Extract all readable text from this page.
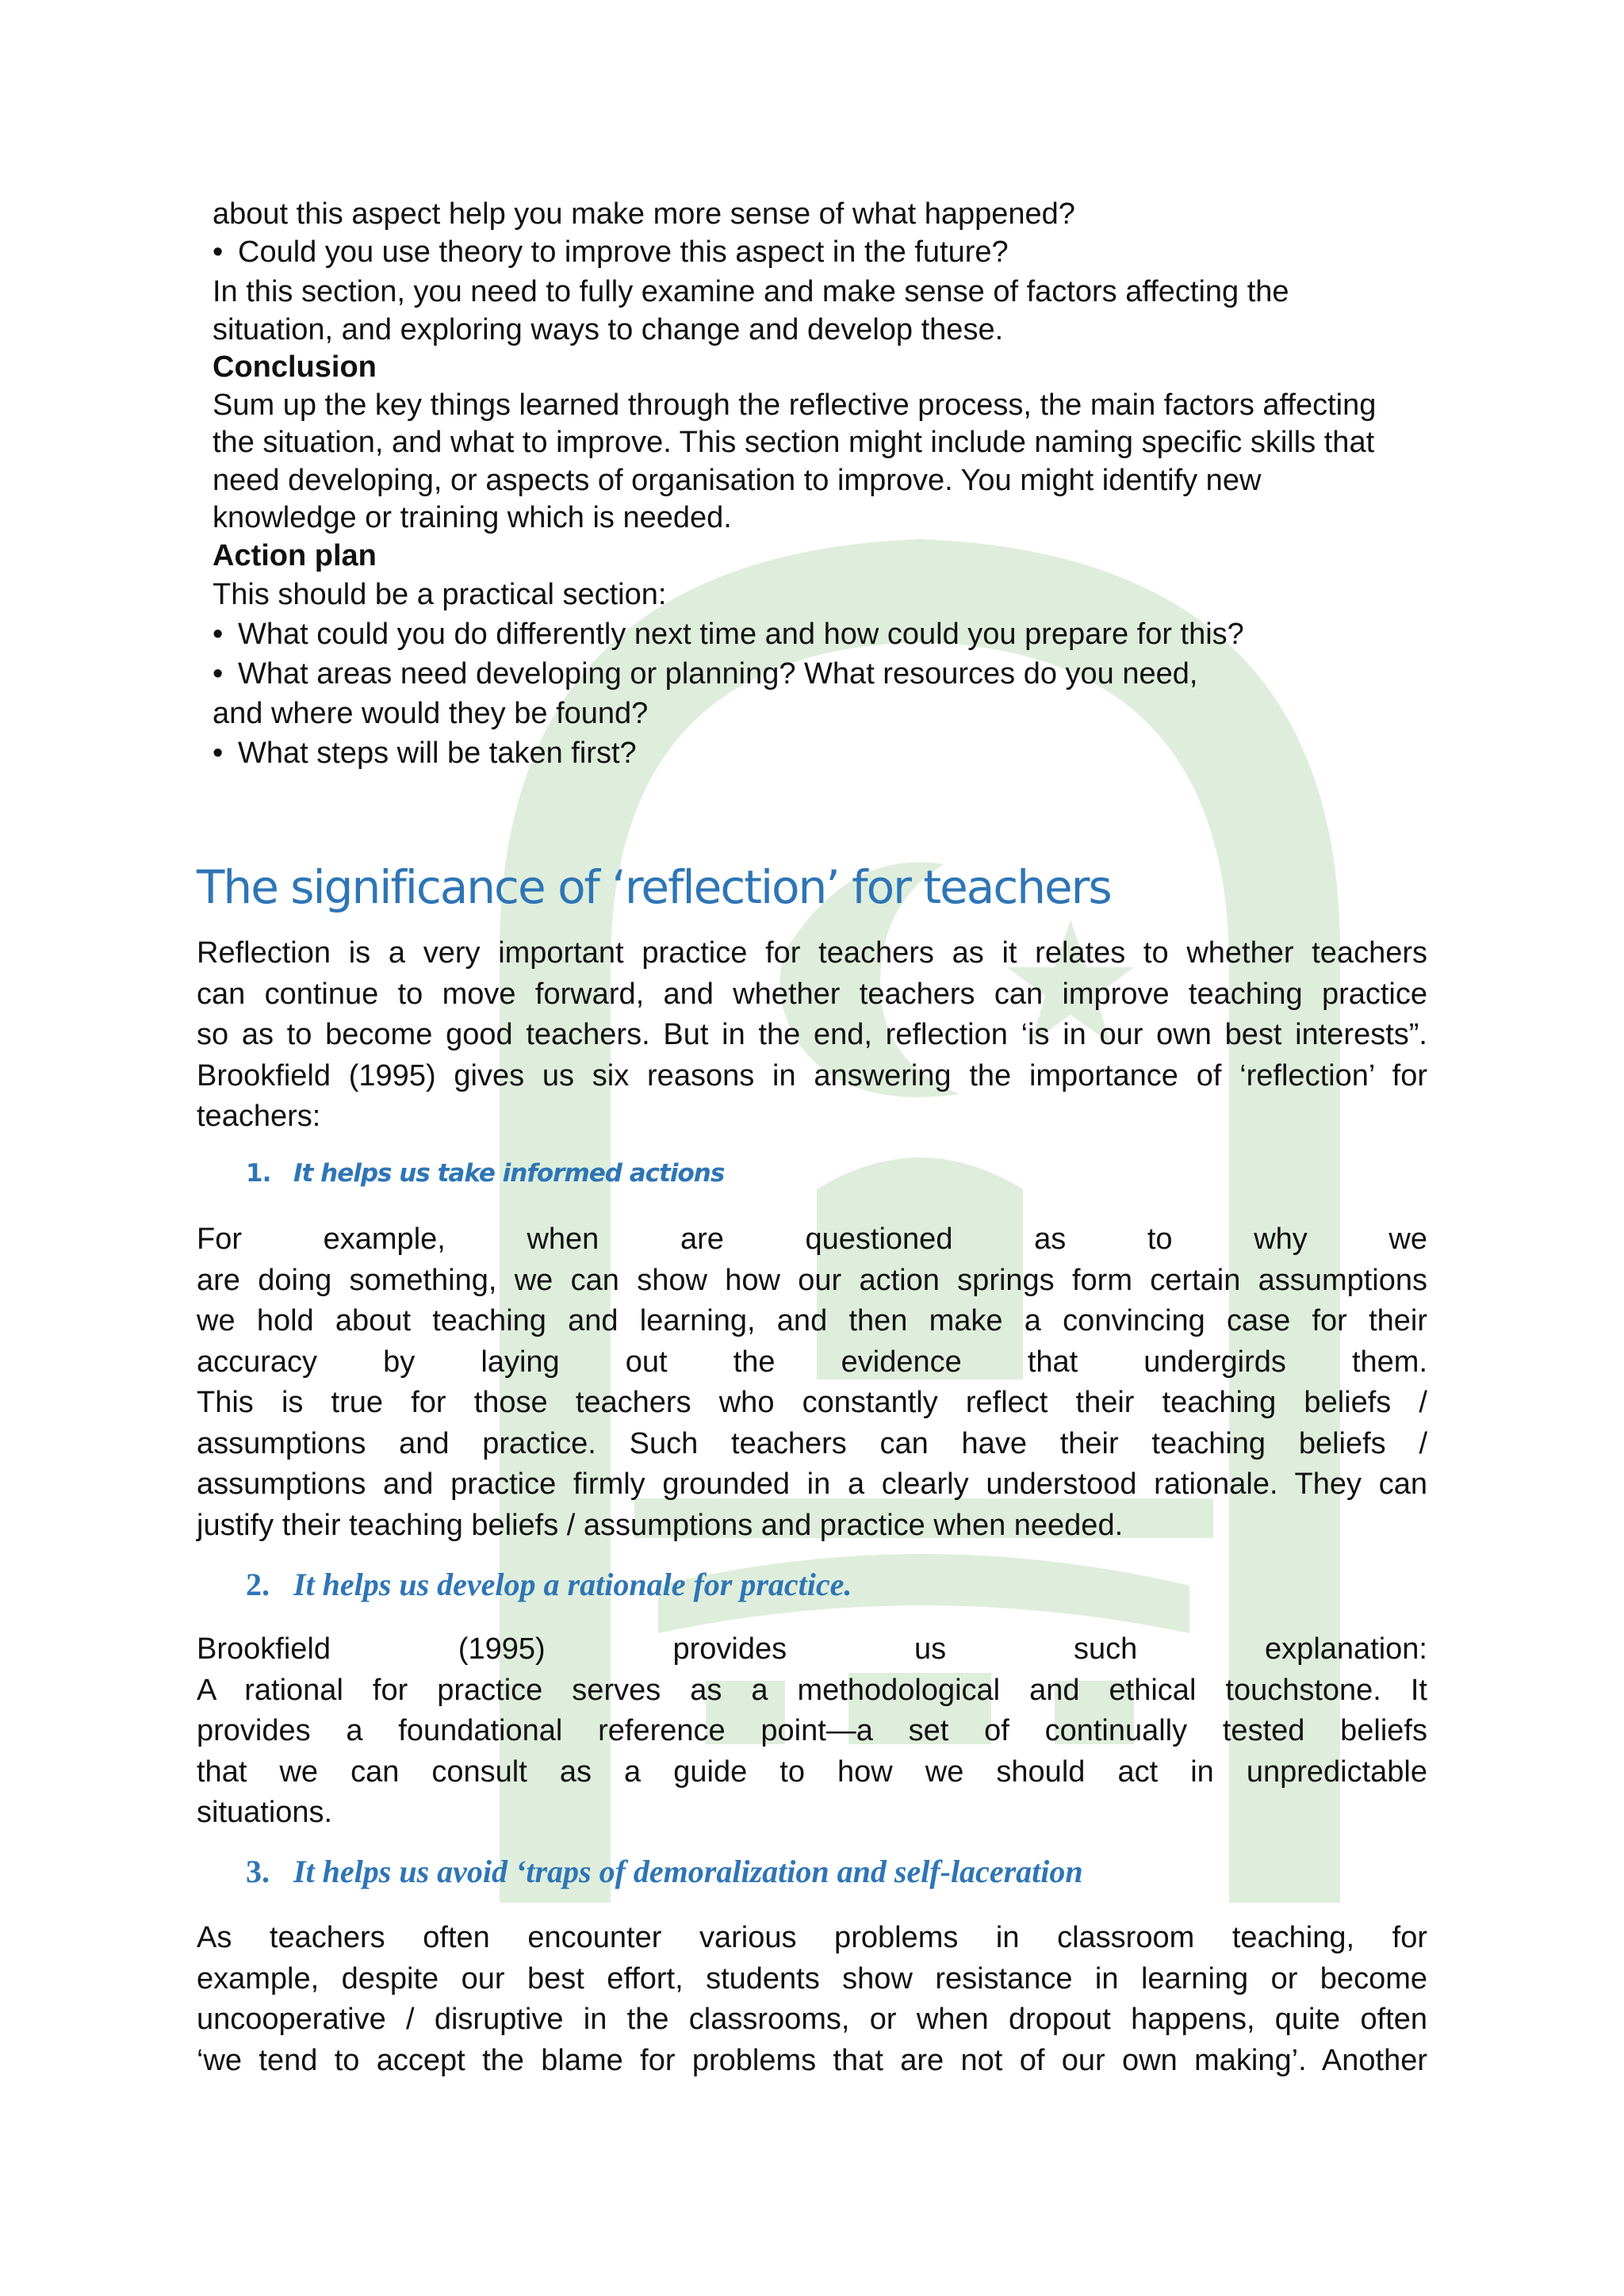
about this aspect help you make more sense of what happened?

• Could you use theory to improve this aspect in the future?

In this section, you need to fully examine and make sense of factors affecting the situation, and exploring ways to change and develop these.

Conclusion

Sum up the key things learned through the reflective process, the main factors affecting the situation, and what to improve. This section might include naming specific skills that need developing, or aspects of organisation to improve. You might identify new knowledge or training which is needed.

Action plan

This should be a practical section:

• What could you do differently next time and how could you prepare for this?

• What areas need developing or planning? What resources do you need,

and where would they be found?

• What steps will be taken first?

The significance of ‘reflection’ for teachers
Reflection is a very important practice for teachers as it relates to whether teachers
can continue to move forward, and whether teachers can improve teaching practice
so as to become good teachers. But in the end, reflection ‘is in our own best interests”.
Brookfield (1995) gives us six reasons in answering the importance of ‘reflection’ for
teachers:
1. It helps us take informed actions
For example, when are questioned as to why we
are doing something, we can show how our action springs form certain assumptions
we hold about teaching and learning, and then make a convincing case for their
accuracy by laying out the evidence that undergirds them.
This is true for those teachers who constantly reflect their teaching beliefs /
assumptions and practice. Such teachers can have their teaching beliefs /
assumptions and practice firmly grounded in a clearly understood rationale. They can
justify their teaching beliefs / assumptions and practice when needed.
2. It helps us develop a rationale for practice.
Brookfield (1995) provides us such explanation:
A rational for practice serves as a methodological and ethical touchstone. It
provides a foundational reference point—a set of continually tested beliefs
that we can consult as a guide to how we should act in unpredictable
situations.
3. It helps us avoid ‘traps of demoralization and self-laceration
As teachers often encounter various problems in classroom teaching, for
example, despite our best effort, students show resistance in learning or become
uncooperative / disruptive in the classrooms, or when dropout happens, quite often
‘we tend to accept the blame for problems that are not of our own making’. Another
